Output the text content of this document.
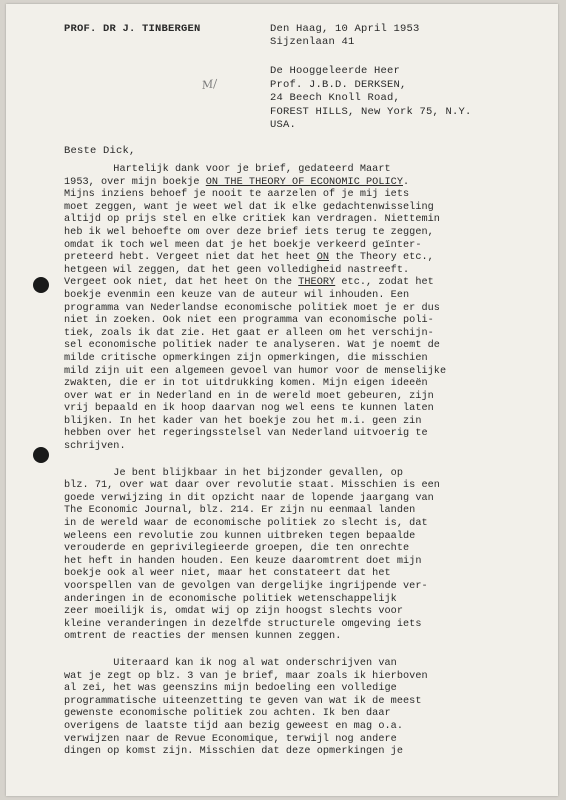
PROF. DR J. TINBERGEN	Den Haag, 10 April 1953
Sijzenlaan 41
M/
De Hooggeleerde Heer
Prof. J.B.D. DERKSEN,
24 Beech Knoll Road,
FOREST HILLS, New York 75, N.Y.
USA.
Beste Dick,
Hartelijk dank voor je brief, gedateerd Maart
1953, over mijn boekje ON THE THEORY OF ECONOMIC POLICY.
Mijns inziens behoef je nooit te aarzelen of je mij iets
moet zeggen, want je weet wel dat ik elke gedachtenwisseling
altijd op prijs stel en elke critiek kan verdragen. Niettemin
heb ik wel behoefte om over deze brief iets terug te zeggen,
omdat ik toch wel meen dat je het boekje verkeerd geïnter-
preteerd hebt. Vergeet niet dat het heet ON the Theory etc.,
hetgeen wil zeggen, dat het geen volledigheid nastreeft.
Vergeet ook niet, dat het heet On the THEORY etc., zodat het
boekje evenmin een keuze van de auteur wil inhouden. Een
programma van Nederlandse economische politiek moet je er dus
niet in zoeken. Ook niet een programma van economische poli-
tiek, zoals ik dat zie. Het gaat er alleen om het verschijn-
sel economische politiek nader te analyseren. Wat je noemt de
milde critische opmerkingen zijn opmerkingen, die misschien
mild zijn uit een algemeen gevoel van humor voor de menselijke
zwakten, die er in tot uitdrukking komen. Mijn eigen ideeën
over wat er in Nederland en in de wereld moet gebeuren, zijn
vrij bepaald en ik hoop daarvan nog wel eens te kunnen laten
blijken. In het kader van het boekje zou het m.i. geen zin
hebben over het regeringsstelsel van Nederland uitvoerig te
schrijven.
Je bent blijkbaar in het bijzonder gevallen, op
blz. 71, over wat daar over revolutie staat. Misschien is een
goede verwijzing in dit opzicht naar de lopende jaargang van
The Economic Journal, blz. 214. Er zijn nu eenmaal landen
in de wereld waar de economische politiek zo slecht is, dat
weleens een revolutie zou kunnen uitbreken tegen bepaalde
verouderde en geprivilegieerde groepen, die ten onrechte
het heft in handen houden. Een keuze daaromtrent doet mijn
boekje ook al weer niet, maar het constateert dat het
voorspellen van de gevolgen van dergelijke ingrijpende ver-
anderingen in de economische politiek wetenschappelijk
zeer moeilijk is, omdat wij op zijn hoogst slechts voor
kleine veranderingen in dezelfde structurele omgeving iets
omtrent de reacties der mensen kunnen zeggen.
Uiteraard kan ik nog al wat onderschrijven van
wat je zegt op blz. 3 van je brief, maar zoals ik hierboven
al zei, het was geenszins mijn bedoeling een volledige
programmatische uiteenzetting te geven van wat ik de meest
gewenste economische politiek zou achten. Ik ben daar
overigens de laatste tijd aan bezig geweest en mag o.a.
verwijzen naar de Revue Economique, terwijl nog andere
dingen op komst zijn. Misschien dat deze opmerkingen je
